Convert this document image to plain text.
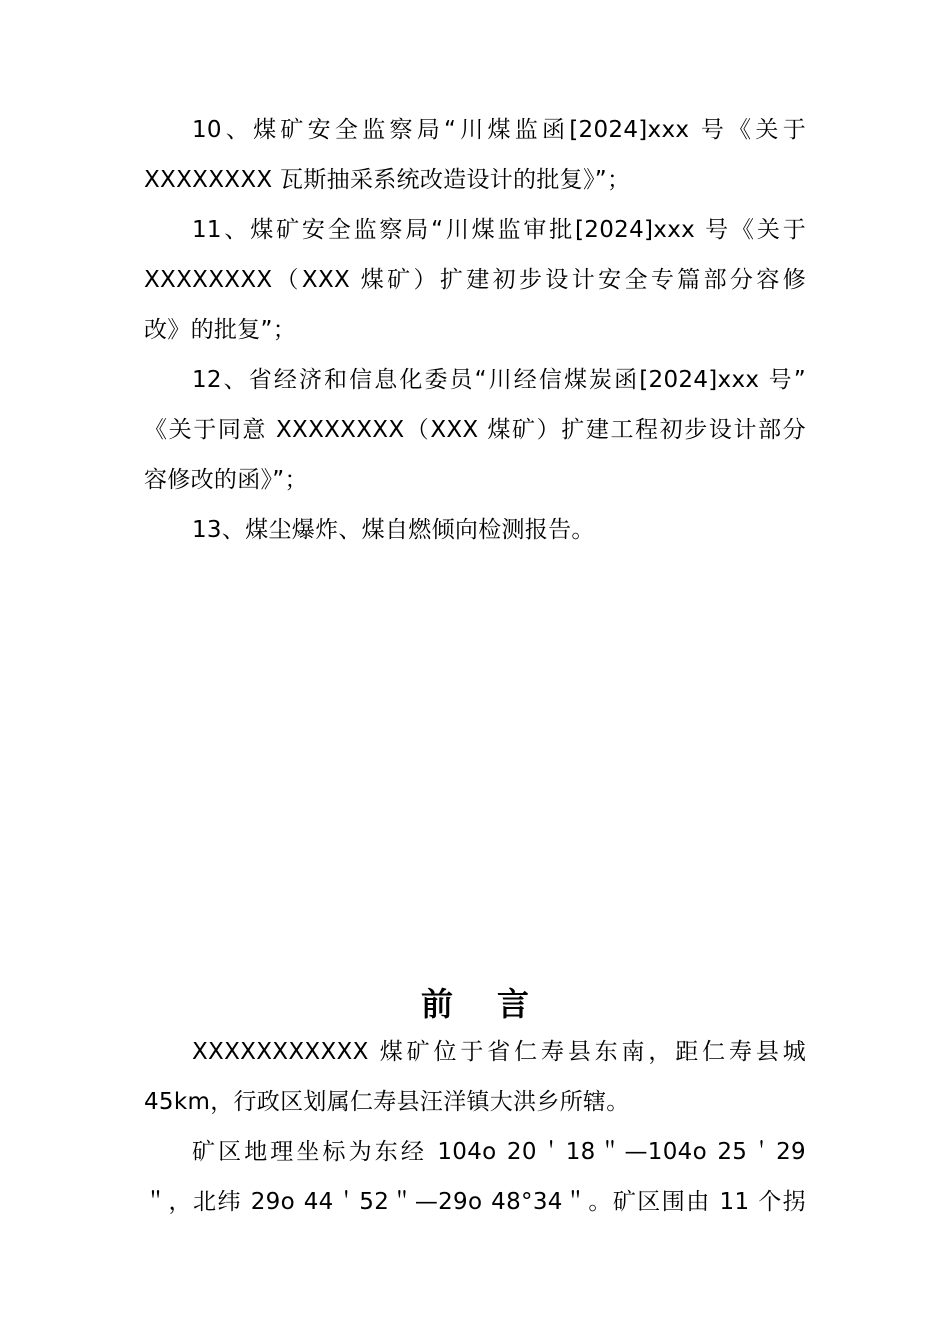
10、煤矿安全监察局“川煤监函[2024]xxx 号《关于
XXXXXXXX 瓦斯抽采系统改造设计的批复》”；
11、煤矿安全监察局“川煤监审批[2024]xxx 号《关于
XXXXXXXX（XXX 煤矿）扩建初步设计安全专篇部分容修
改》的批复”；
12、省经济和信息化委员“川经信煤炭函[2024]xxx 号”
《关于同意 XXXXXXXX（XXX 煤矿）扩建工程初步设计部分
容修改的函》”；
13、煤尘爆炸、煤自燃倾向检测报告。
前言
XXXXXXXXXXX 煤矿位于省仁寿县东南，距仁寿县城
45km，行政区划属仁寿县汪洋镇大洪乡所辖。
矿区地理坐标为东经 104o 20＇18＂—104o 25＇29
＂，北纬 29o 44＇52＂—29o 48°34＂。矿区围由 11 个拐
